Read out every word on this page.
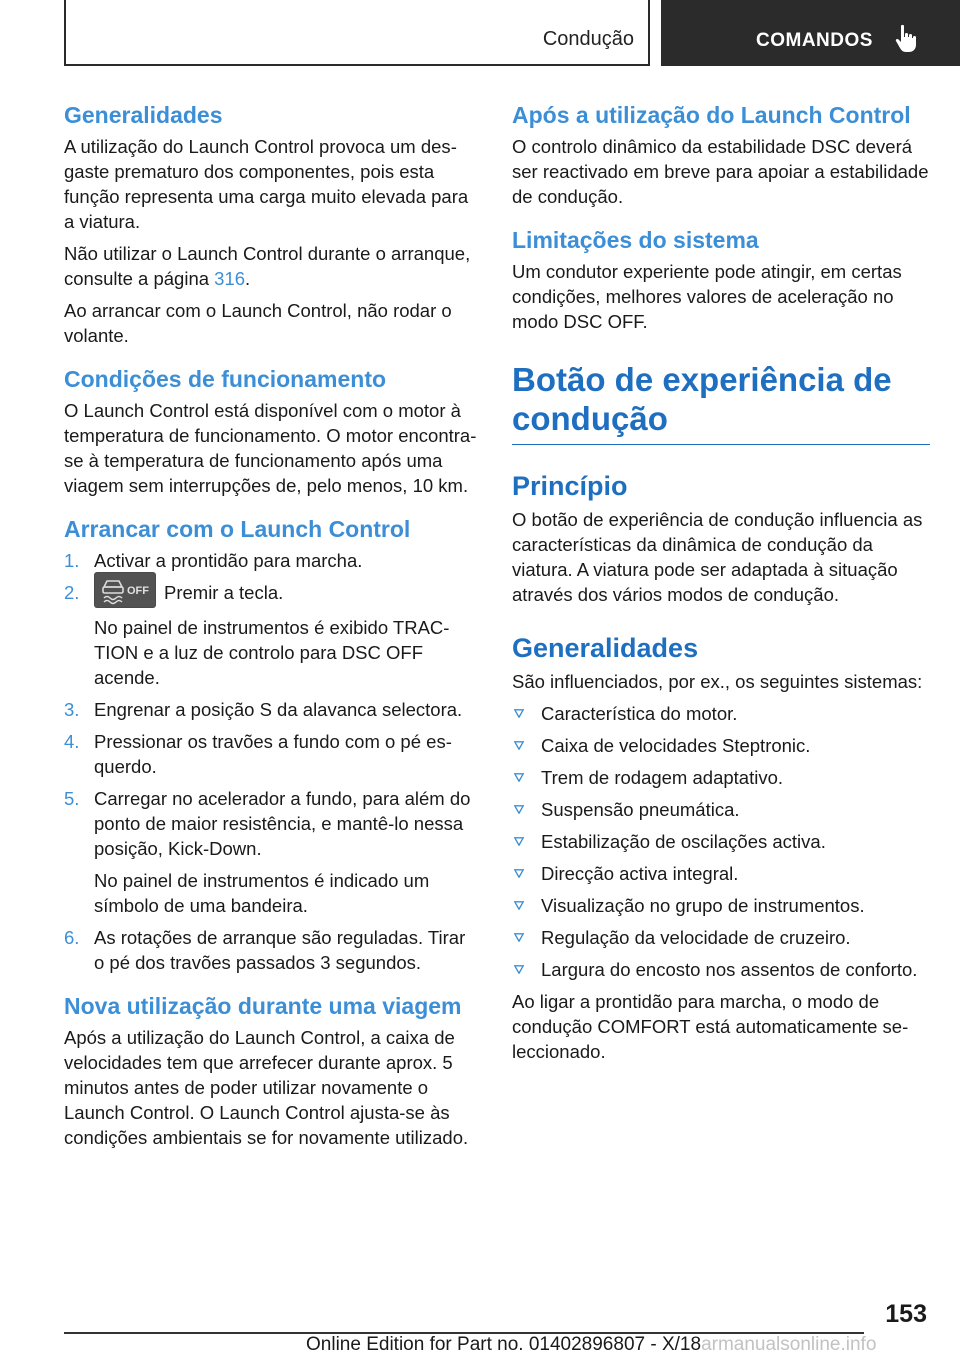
Condução	COMANDOS
Generalidades

A utilização do Launch Control provoca um desgaste prematuro dos componentes, pois esta função representa uma carga muito elevada para a viatura.

Não utilizar o Launch Control durante o arranque, consulte a página 316.

Ao arrancar com o Launch Control, não rodar o volante.

Condições de funcionamento

O Launch Control está disponível com o motor à temperatura de funcionamento. O motor encontra-se à temperatura de funcionamento após uma viagem sem interrupções de, pelo menos, 10 km.

Arrancar com o Launch Control
1. Activar a prontidão para marcha.
2.	OFF Premir a tecla.
No painel de instrumentos é exibido TRACTION e a luz de controlo para DSC OFF acende.
3. Engrenar a posição S da alavanca selectora.
4. Pressionar os travões a fundo com o pé esquerdo.
5. Carregar no acelerador a fundo, para além do ponto de maior resistência, e mantê-lo nessa posição, Kick-Down.
No painel de instrumentos é indicado um símbolo de uma bandeira.
6. As rotações de arranque são reguladas. Tirar o pé dos travões passados 3 segundos.
Nova utilização durante uma viagem

Após a utilização do Launch Control, a caixa de velocidades tem que arrefecer durante aprox. 5 minutos antes de poder utilizar novamente o Launch Control. O Launch Control ajusta-se às condições ambientais se for novamente utilizado.

Após a utilização do Launch Control

O controlo dinâmico da estabilidade DSC deverá ser reactivado em breve para apoiar a estabilidade de condução.

Limitações do sistema

Um condutor experiente pode atingir, em certas condições, melhores valores de aceleração no modo DSC OFF.

Botão de experiência de condução
Princípio

O botão de experiência de condução influencia as características da dinâmica de condução da viatura. A viatura pode ser adaptada à situação através dos vários modos de condução.

Generalidades

São influenciados, por ex., os seguintes sistemas:

Característica do motor.
Caixa de velocidades Steptronic.
Trem de rodagem adaptativo.
Suspensão pneumática.
Estabilização de oscilações activa.
Direcção activa integral.
Visualização no grupo de instrumentos.
Regulação da velocidade de cruzeiro.
Largura do encosto nos assentos de conforto.

Ao ligar a prontidão para marcha, o modo de condução COMFORT está automaticamente seleccionado.

153
Online Edition for Part no. 01402896807 - X/18armanualsonline.info
